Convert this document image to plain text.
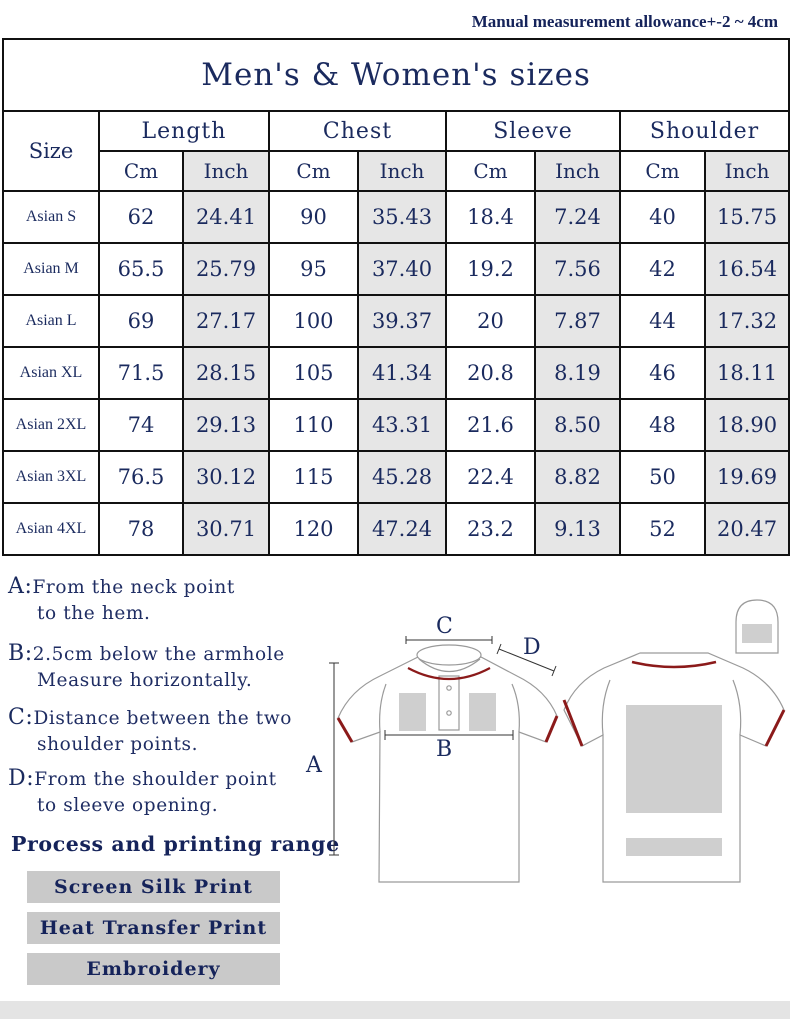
Manual measurement allowance+-2 ~ 4cm
Men's & Women's sizes								
Size	Length		Chest		Sleeve		Shoulder	
	Cm	Inch	Cm	Inch	Cm	Inch	Cm	Inch
Asian S	62	24.41	90	35.43	18.4	7.24	40	15.75
Asian M	65.5	25.79	95	37.40	19.2	7.56	42	16.54
Asian L	69	27.17	100	39.37	20	7.87	44	17.32
Asian XL	71.5	28.15	105	41.34	20.8	8.19	46	18.11
Asian 2XL	74	29.13	110	43.31	21.6	8.50	48	18.90
Asian 3XL	76.5	30.12	115	45.28	22.4	8.82	50	19.69
Asian 4XL	78	30.71	120	47.24	23.2	9.13	52	20.47
A:From the neck point
to the hem.
B:2.5cm below the armhole
Measure horizontally.
C:Distance between the two
shoulder points.
D:From the shoulder point
to sleeve opening.
Process and printing range
Screen Silk Print
Heat Transfer Print
Embroidery
A
B
C
D
